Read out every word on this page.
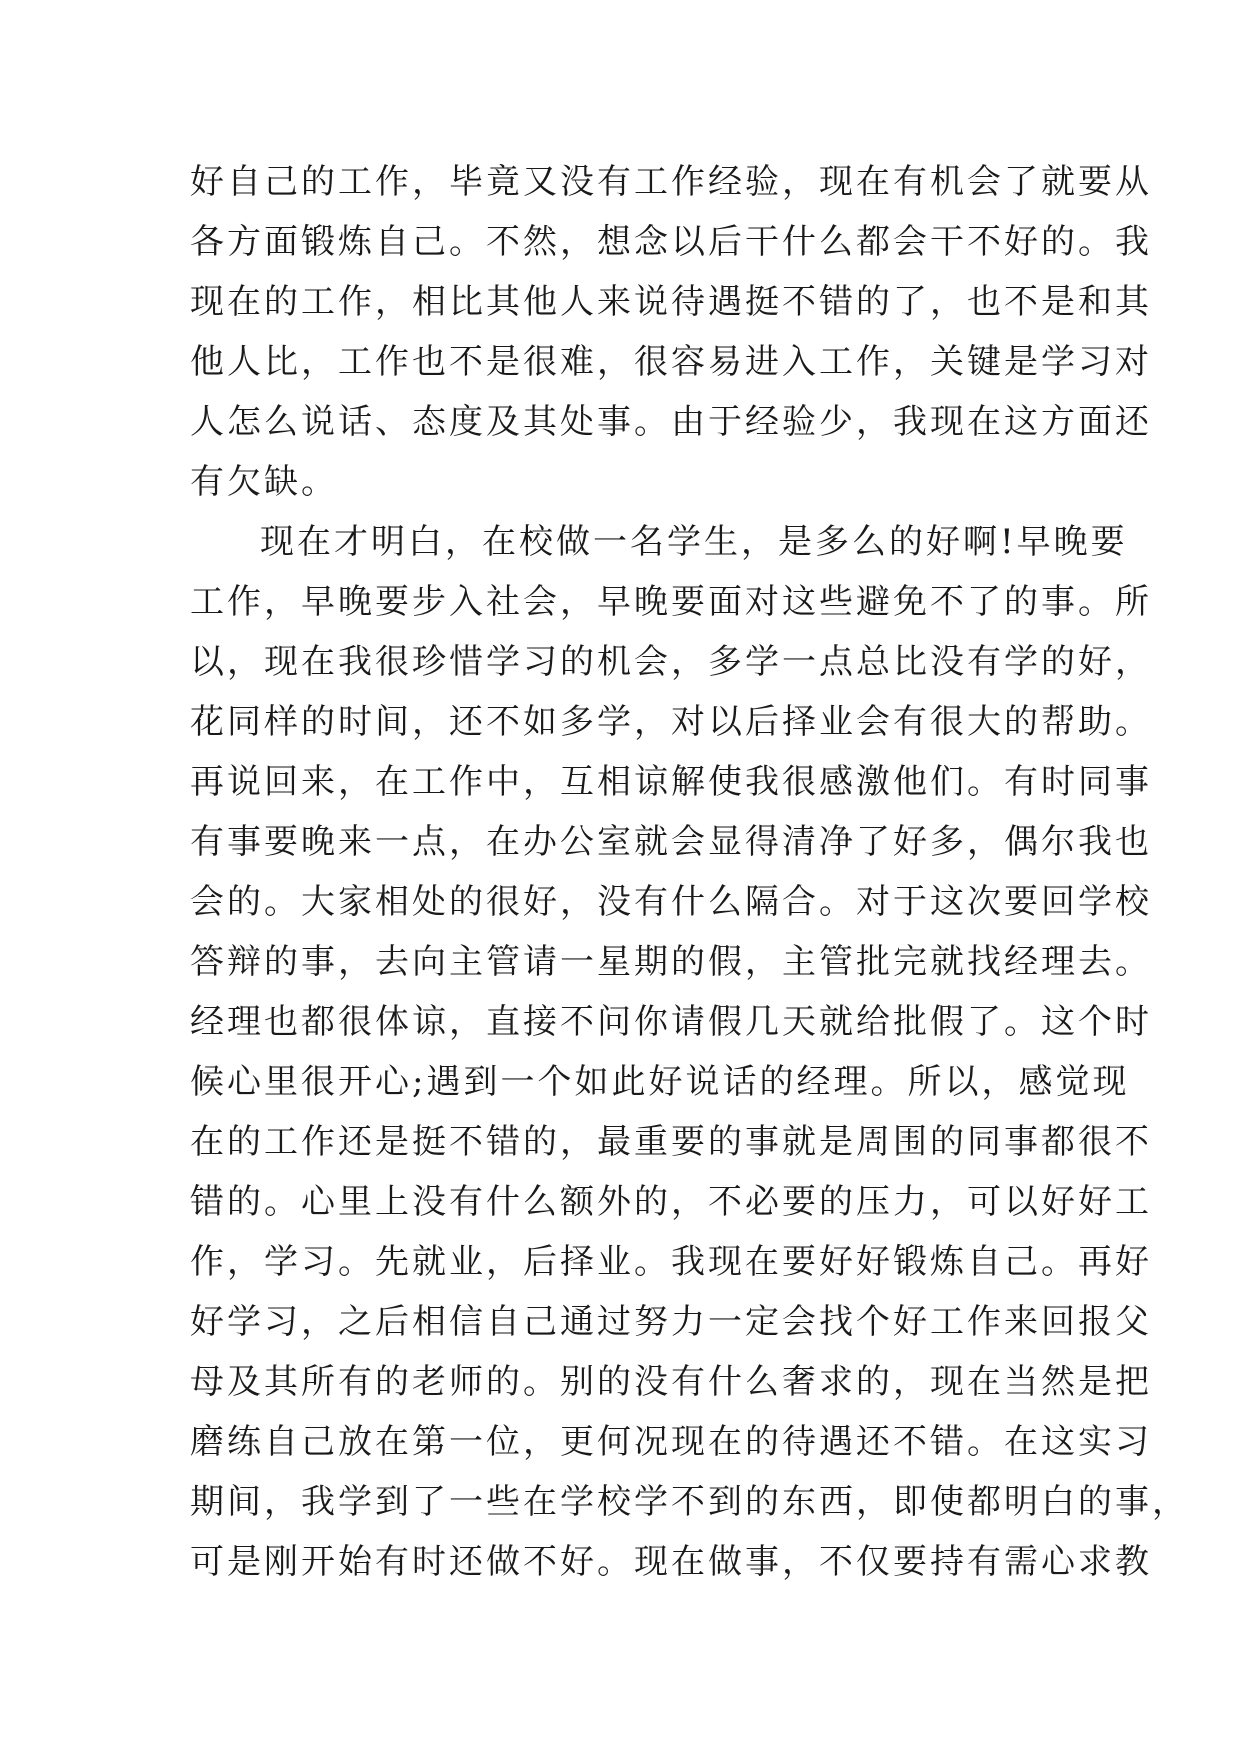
好自己的工作，毕竟又没有工作经验，现在有机会了就要从
各方面锻炼自己。不然，想念以后干什么都会干不好的。我
现在的工作，相比其他人来说待遇挺不错的了，也不是和其
他人比，工作也不是很难，很容易进入工作，关键是学习对
人怎么说话、态度及其处事。由于经验少，我现在这方面还
有欠缺。
现在才明白，在校做一名学生，是多么的好啊!早晚要
工作，早晚要步入社会，早晚要面对这些避免不了的事。所
以，现在我很珍惜学习的机会，多学一点总比没有学的好，
花同样的时间，还不如多学，对以后择业会有很大的帮助。
再说回来，在工作中，互相谅解使我很感激他们。有时同事
有事要晚来一点，在办公室就会显得清净了好多，偶尔我也
会的。大家相处的很好，没有什么隔合。对于这次要回学校
答辩的事，去向主管请一星期的假，主管批完就找经理去。
经理也都很体谅，直接不问你请假几天就给批假了。这个时
候心里很开心;遇到一个如此好说话的经理。所以，感觉现
在的工作还是挺不错的，最重要的事就是周围的同事都很不
错的。心里上没有什么额外的，不必要的压力，可以好好工
作，学习。先就业，后择业。我现在要好好锻炼自己。再好
好学习，之后相信自己通过努力一定会找个好工作来回报父
母及其所有的老师的。别的没有什么奢求的，现在当然是把
磨练自己放在第一位，更何况现在的待遇还不错。在这实习
期间，我学到了一些在学校学不到的东西，即使都明白的事，
可是刚开始有时还做不好。现在做事，不仅要持有需心求教
